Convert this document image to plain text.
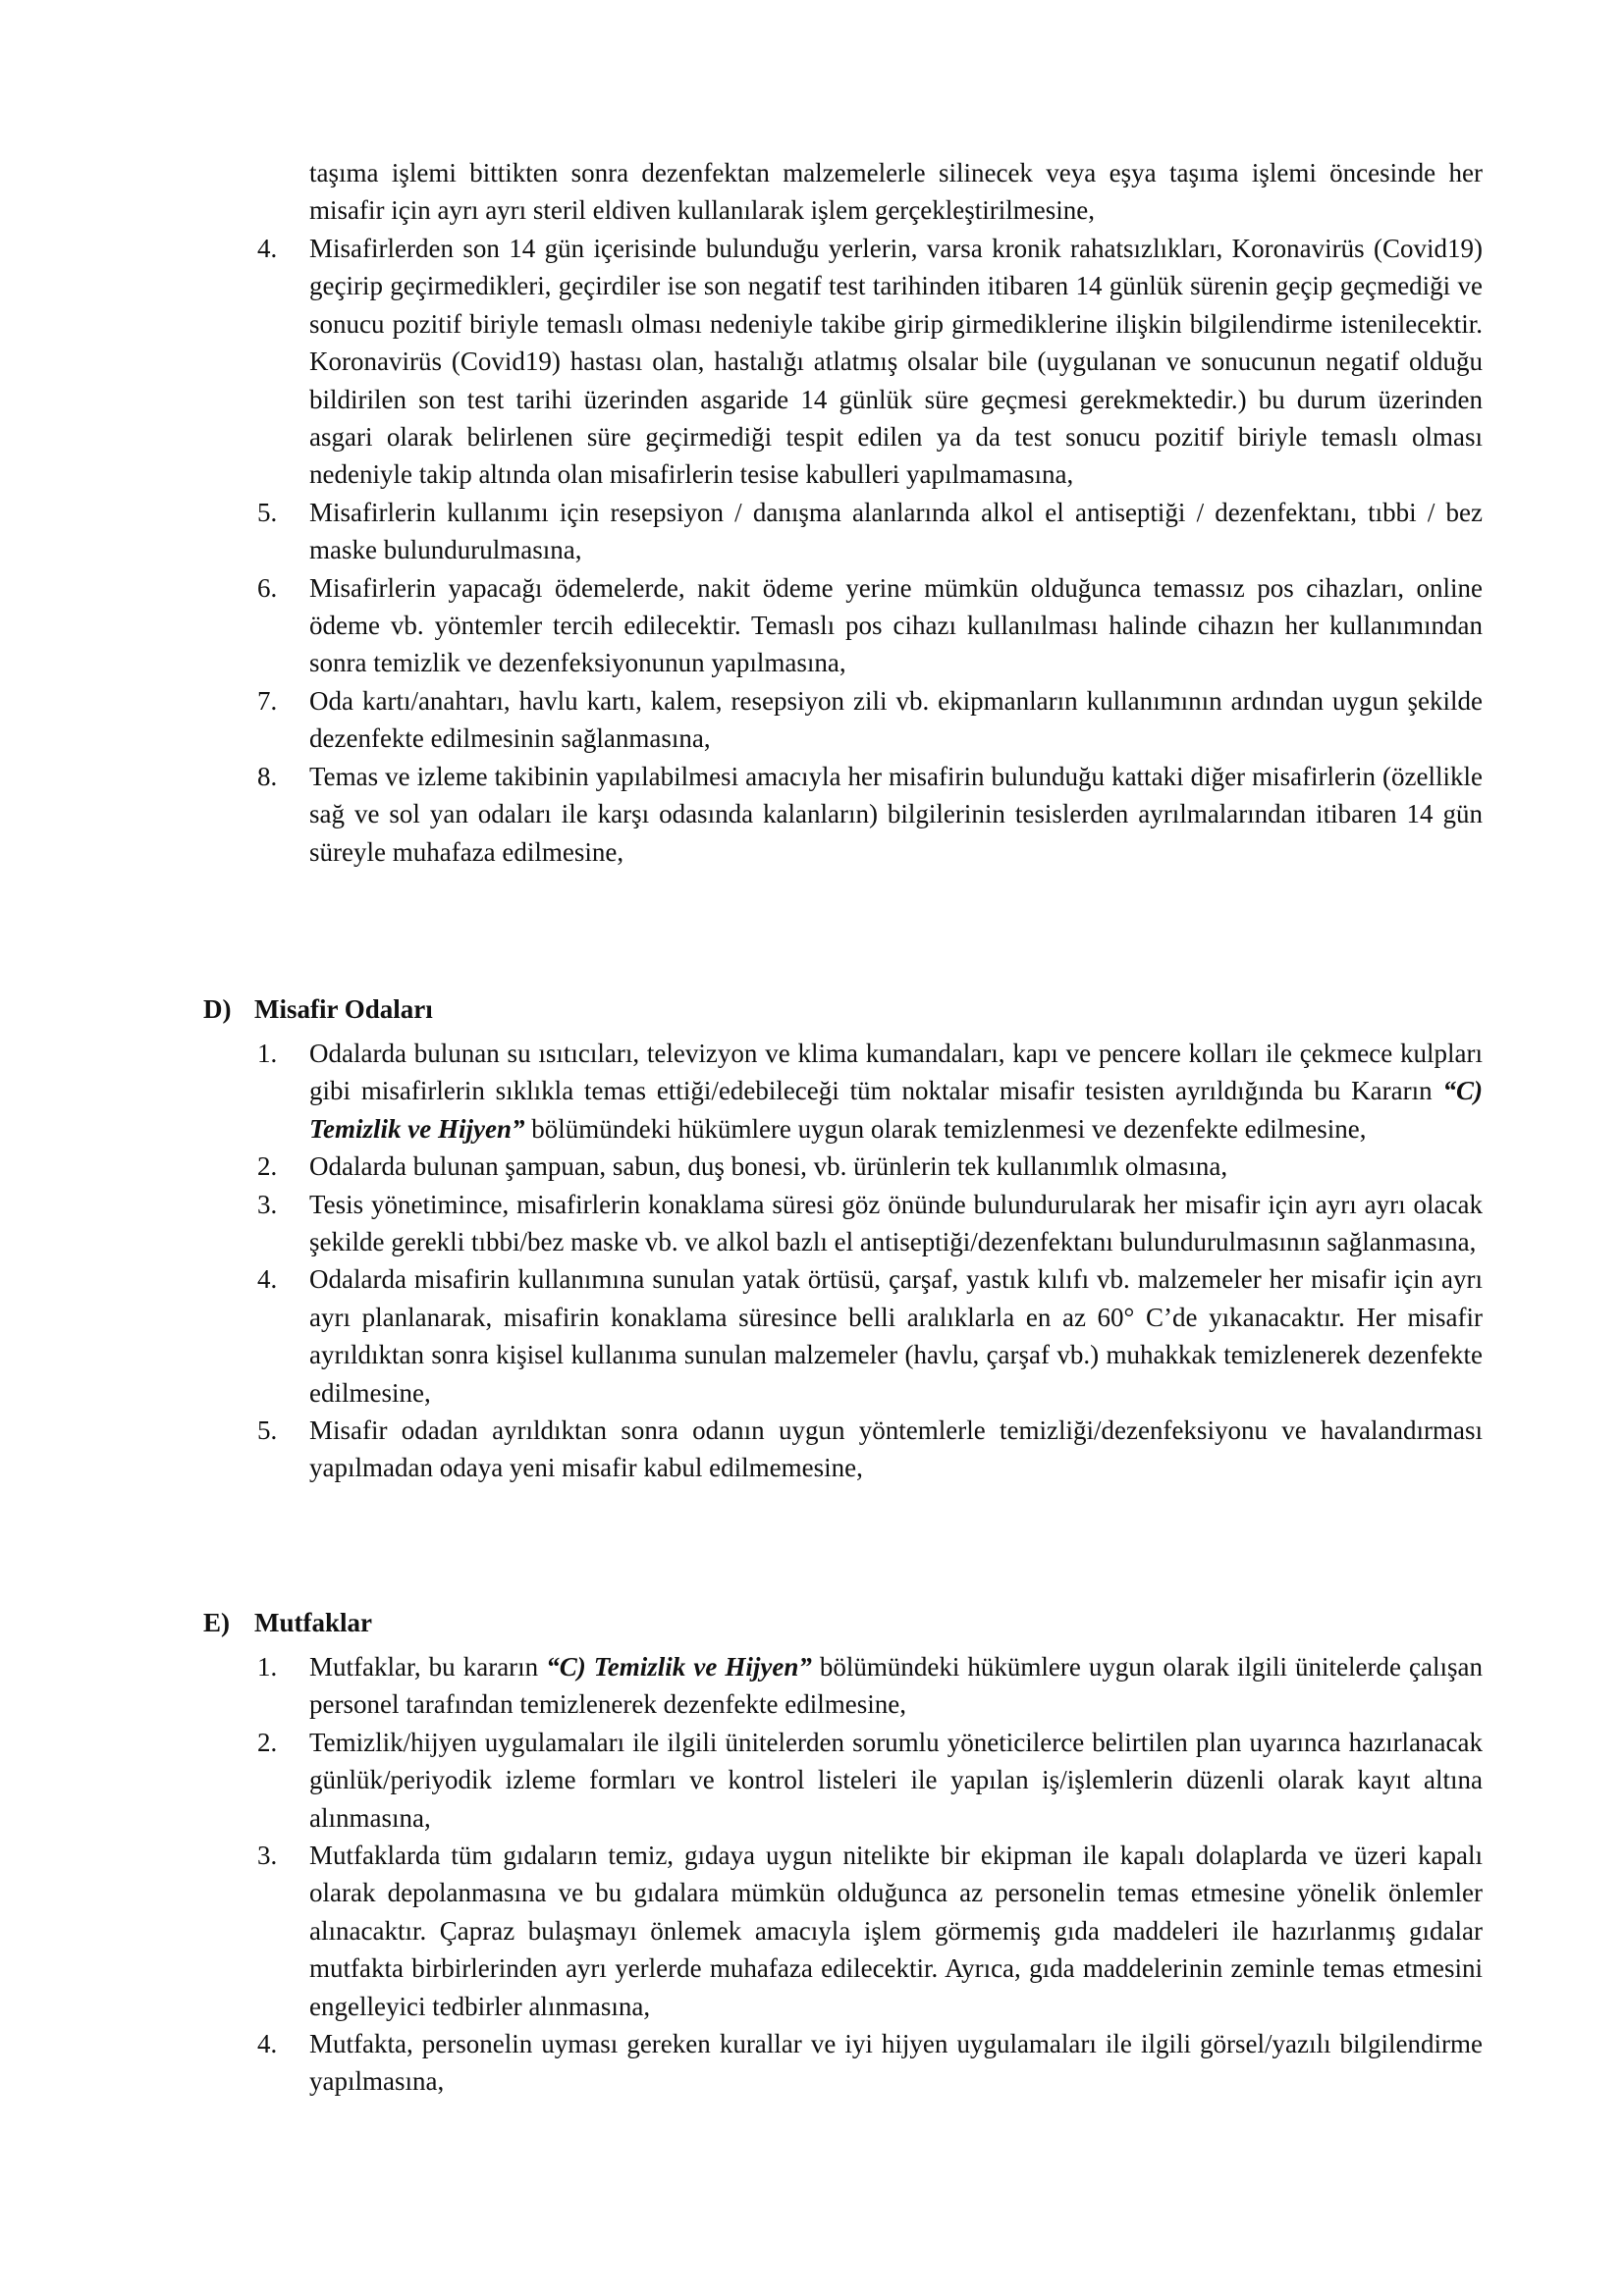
taşıma işlemi bittikten sonra dezenfektan malzemelerle silinecek veya eşya taşıma işlemi öncesinde her misafir için ayrı ayrı steril eldiven kullanılarak işlem gerçekleştirilmesine,

4. Misafirlerden son 14 gün içerisinde bulunduğu yerlerin, varsa kronik rahatsızlıkları, Koronavirüs (Covid19) geçirip geçirmedikleri, geçirdiler ise son negatif test tarihinden itibaren 14 günlük sürenin geçip geçmediği ve sonucu pozitif biriyle temaslı olması nedeniyle takibe girip girmediklerine ilişkin bilgilendirme istenilecektir. Koronavirüs (Covid19) hastası olan, hastalığı atlatmış olsalar bile (uygulanan ve sonucunun negatif olduğu bildirilen son test tarihi üzerinden asgaride 14 günlük süre geçmesi gerekmektedir.) bu durum üzerinden asgari olarak belirlenen süre geçirmediği tespit edilen ya da test sonucu pozitif biriyle temaslı olması nedeniyle takip altında olan misafirlerin tesise kabulleri yapılmamasına,
5. Misafirlerin kullanımı için resepsiyon / danışma alanlarında alkol el antiseptiği / dezenfektanı, tıbbi / bez maske bulundurulmasına,
6. Misafirlerin yapacağı ödemelerde, nakit ödeme yerine mümkün olduğunca temassız pos cihazları, online ödeme vb. yöntemler tercih edilecektir. Temaslı pos cihazı kullanılması halinde cihazın her kullanımından sonra temizlik ve dezenfeksiyonunun yapılmasına,
7. Oda kartı/anahtarı, havlu kartı, kalem, resepsiyon zili vb. ekipmanların kullanımının ardından uygun şekilde dezenfekte edilmesinin sağlanmasına,
8. Temas ve izleme takibinin yapılabilmesi amacıyla her misafirin bulunduğu kattaki diğer misafirlerin (özellikle sağ ve sol yan odaları ile karşı odasında kalanların) bilgilerinin tesislerden ayrılmalarından itibaren 14 gün süreyle muhafaza edilmesine,
D) Misafir Odaları
1. Odalarda bulunan su ısıtıcıları, televizyon ve klima kumandaları, kapı ve pencere kolları ile çekmece kulpları gibi misafirlerin sıklıkla temas ettiği/edebileceği tüm noktalar misafir tesisten ayrıldığında bu Kararın “C) Temizlik ve Hijyen” bölümündeki hükümlere uygun olarak temizlenmesi ve dezenfekte edilmesine,
2. Odalarda bulunan şampuan, sabun, duş bonesi, vb. ürünlerin tek kullanımlık olmasına,
3. Tesis yönetimince, misafirlerin konaklama süresi göz önünde bulundurularak her misafir için ayrı ayrı olacak şekilde gerekli tıbbi/bez maske vb. ve alkol bazlı el antiseptiği/dezenfektanı bulundurulmasının sağlanmasına,
4. Odalarda misafirin kullanımına sunulan yatak örtüsü, çarşaf, yastık kılıfı vb. malzemeler her misafir için ayrı ayrı planlanarak, misafirin konaklama süresince belli aralıklarla en az 60° C’de yıkanacaktır. Her misafir ayrıldıktan sonra kişisel kullanıma sunulan malzemeler (havlu, çarşaf vb.) muhakkak temizlenerek dezenfekte edilmesine,
5. Misafir odadan ayrıldıktan sonra odanın uygun yöntemlerle temizliği/dezenfeksiyonu ve havalandırması yapılmadan odaya yeni misafir kabul edilmemesine,
E) Mutfaklar
1. Mutfaklar, bu kararın “C) Temizlik ve Hijyen” bölümündeki hükümlere uygun olarak ilgili ünitelerde çalışan personel tarafından temizlenerek dezenfekte edilmesine,
2. Temizlik/hijyen uygulamaları ile ilgili ünitelerden sorumlu yöneticilerce belirtilen plan uyarınca hazırlanacak günlük/periyodik izleme formları ve kontrol listeleri ile yapılan iş/işlemlerin düzenli olarak kayıt altına alınmasına,
3. Mutfaklarda tüm gıdaların temiz, gıdaya uygun nitelikte bir ekipman ile kapalı dolaplarda ve üzeri kapalı olarak depolanmasına ve bu gıdalara mümkün olduğunca az personelin temas etmesine yönelik önlemler alınacaktır. Çapraz bulaşmayı önlemek amacıyla işlem görmemiş gıda maddeleri ile hazırlanmış gıdalar mutfakta birbirlerinden ayrı yerlerde muhafaza edilecektir. Ayrıca, gıda maddelerinin zeminle temas etmesini engelleyici tedbirler alınmasına,
4. Mutfakta, personelin uyması gereken kurallar ve iyi hijyen uygulamaları ile ilgili görsel/yazılı bilgilendirme yapılmasına,
